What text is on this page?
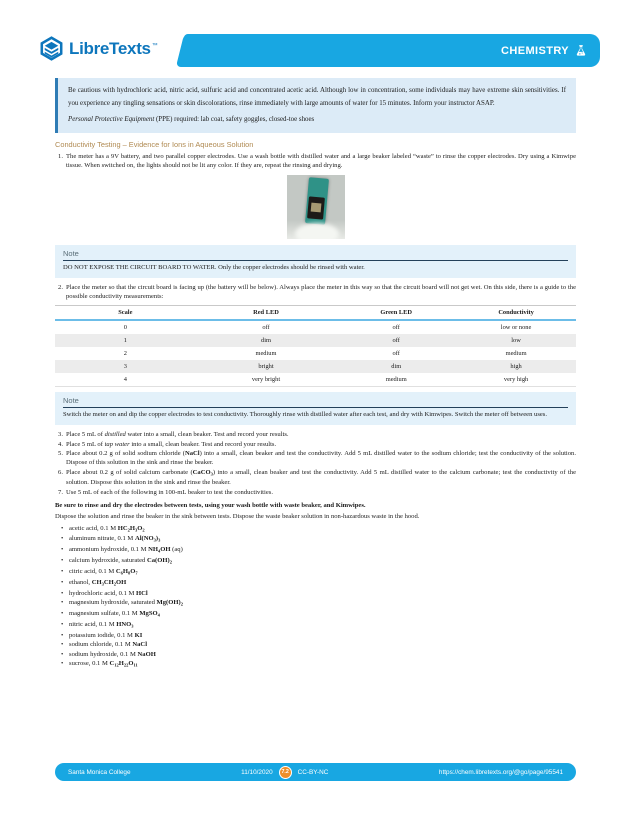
LibreTexts™	CHEMISTRY

Be cautious with hydrochloric acid, nitric acid, sulfuric acid and concentrated acetic acid. Although low in concentration, some individuals may have extreme skin sensitivities. If you experience any tingling sensations or skin discolorations, rinse immediately with large amounts of water for 15 minutes. Inform your instructor ASAP.

Personal Protective Equipment (PPE) required: lab coat, safety goggles, closed-toe shoes

Conductivity Testing – Evidence for Ions in Aqueous Solution
1. The meter has a 9V battery, and two parallel copper electrodes. Use a wash bottle with distilled water and a large beaker labeled “waste” to rinse the copper electrodes. Dry using a Kimwipe tissue. When switched on, the lights should not be lit any color. If they are, repeat the rinsing and drying.
Note
DO NOT EXPOSE THE CIRCUIT BOARD TO WATER. Only the copper electrodes should be rinsed with water.
2. Place the meter so that the circuit board is facing up (the battery will be below). Always place the meter in this way so that the circuit board will not get wet. On this side, there is a guide to the possible conductivity measurements:
Scale	Red LED	Green LED	Conductivity
0	off	off	low or none
1	dim	off	low
2	medium	off	medium
3	bright	dim	high
4	very bright	medium	very high
Note
Switch the meter on and dip the copper electrodes to test conductivity. Thoroughly rinse with distilled water after each test, and dry with Kimwipes. Switch the meter off between uses.
3. Place 5 mL of distilled water into a small, clean beaker. Test and record your results.
4. Place 5 mL of tap water into a small, clean beaker. Test and record your results.
5. Place about 0.2 g of solid sodium chloride (NaCl) into a small, clean beaker and test the conductivity. Add 5 mL distilled water to the sodium chloride; test the conductivity of the solution. Dispose of this solution in the sink and rinse the beaker.
6. Place about 0.2 g of solid calcium carbonate (CaCO$_3$) into a small, clean beaker and test the conductivity. Add 5 mL distilled water to the calcium carbonate; test the conductivity of the solution. Dispose this solution in the sink and rinse the beaker.
7. Use 5 mL of each of the following in 100-mL beaker to test the conductivities.

Be sure to rinse and dry the electrodes between tests, using your wash bottle with waste beaker, and Kimwipes.

Dispose the solution and rinse the beaker in the sink between tests. Dispose the waste beaker solution in non-hazardous waste in the hood.

• acetic acid, 0.1 M $HC_2H_3O_2$
• aluminum nitrate, 0.1 M $Al(NO_3)_3$
• ammonium hydroxide, 0.1 M $NH_4OH$ (aq)
• calcium hydroxide, saturated $Ca(OH)_2$
• citric acid, 0.1 M $C_6H_8O_7$
• ethanol, $CH_3CH_2OH$
• hydrochloric acid, 0.1 M HCl
• magnesium hydroxide, saturated $Mg(OH)_2$
• magnesium sulfate, 0.1 M MgSO$_4$
• nitric acid, 0.1 M $HNO_3$
• potassium iodide, 0.1 M KI
• sodium chloride, 0.1 M NaCl
• sodium hydroxide, 0.1 M NaOH
• sucrose, 0.1 M $C_{12}H_{22}O_{11}$
Santa Monica College	11/10/2020	7.2	CC-BY-NC	https://chem.libretexts.org/@go/page/95541
